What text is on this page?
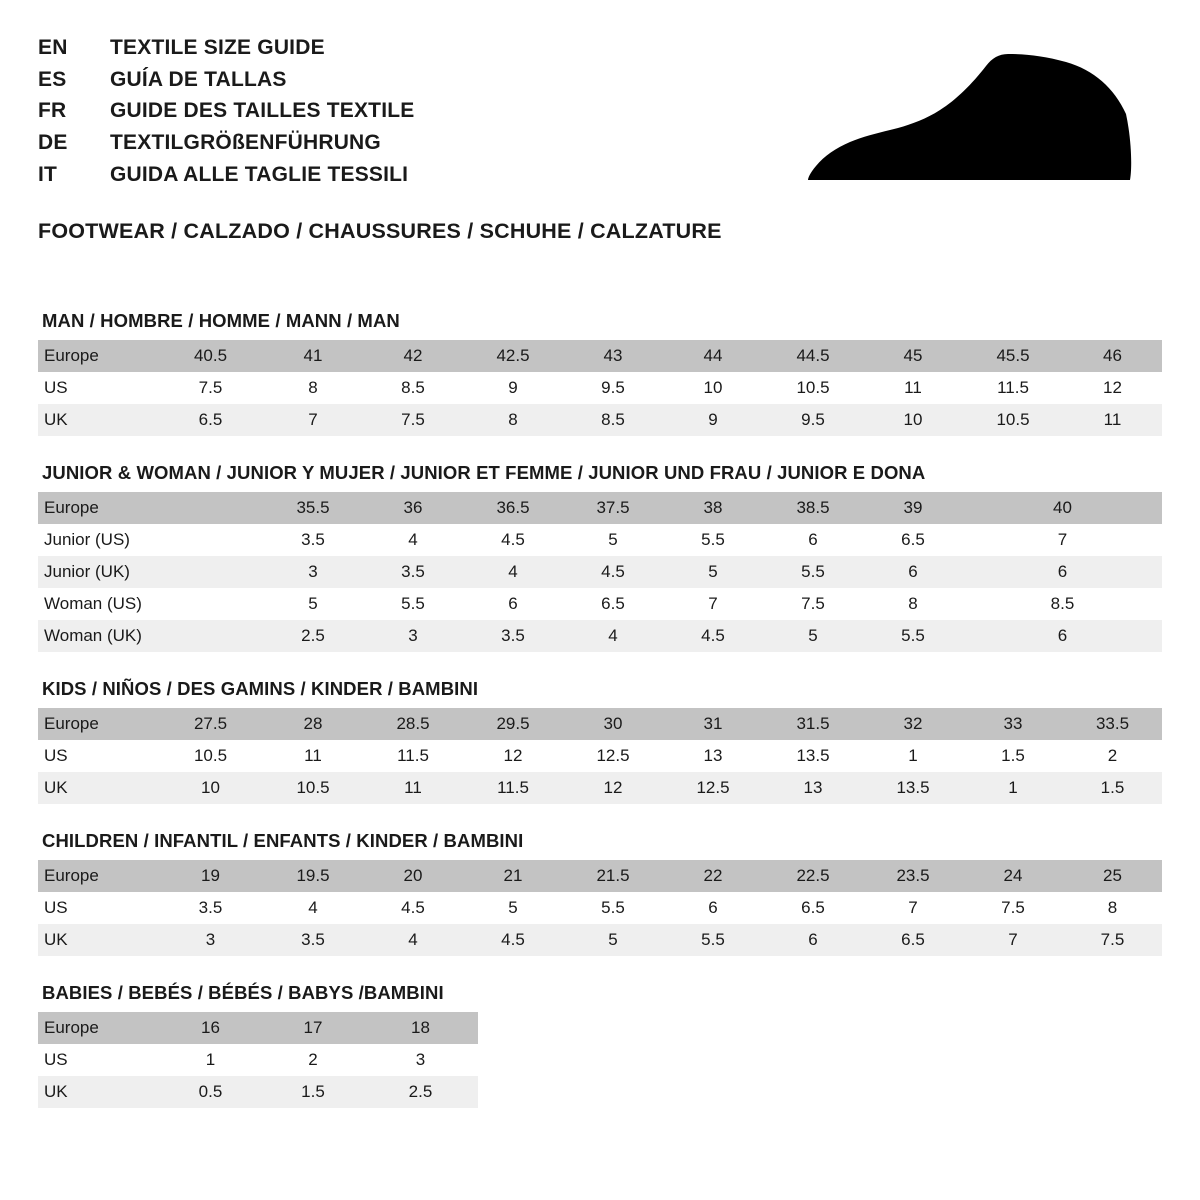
EN	TEXTILE SIZE GUIDE
ES	GUÍA DE TALLAS
FR	GUIDE DES TAILLES TEXTILE
DE	TEXTILGRÖßENFÜHRUNG
IT	GUIDA ALLE TAGLIE TESSILI
FOOTWEAR / CALZADO / CHAUSSURES / SCHUHE / CALZATURE
MAN / HOMBRE / HOMME / MANN / MAN
Europe	40.5	41	42	42.5	43	44	44.5	45	45.5	46
US	7.5	8	8.5	9	9.5	10	10.5	11	11.5	12
UK	6.5	7	7.5	8	8.5	9	9.5	10	10.5	11
JUNIOR & WOMAN / JUNIOR Y MUJER / JUNIOR ET FEMME / JUNIOR UND FRAU / JUNIOR E DONA
Europe		35.5	36	36.5	37.5	38	38.5	39	40
Junior (US)		3.5	4	4.5	5	5.5	6	6.5	7
Junior (UK)		3	3.5	4	4.5	5	5.5	6	6
Woman (US)		5	5.5	6	6.5	7	7.5	8	8.5
Woman (UK)		2.5	3	3.5	4	4.5	5	5.5	6
KIDS / NIÑOS / DES GAMINS / KINDER / BAMBINI
Europe	27.5	28	28.5	29.5	30	31	31.5	32	33	33.5
US	10.5	11	11.5	12	12.5	13	13.5	1	1.5	2
UK	10	10.5	11	11.5	12	12.5	13	13.5	1	1.5
CHILDREN / INFANTIL / ENFANTS / KINDER / BAMBINI
Europe	19	19.5	20	21	21.5	22	22.5	23.5	24	25
US	3.5	4	4.5	5	5.5	6	6.5	7	7.5	8
UK	3	3.5	4	4.5	5	5.5	6	6.5	7	7.5
BABIES / BEBÉS / BÉBÉS / BABYS /BAMBINI
Europe	16	17	18
US	1	2	3
UK	0.5	1.5	2.5
